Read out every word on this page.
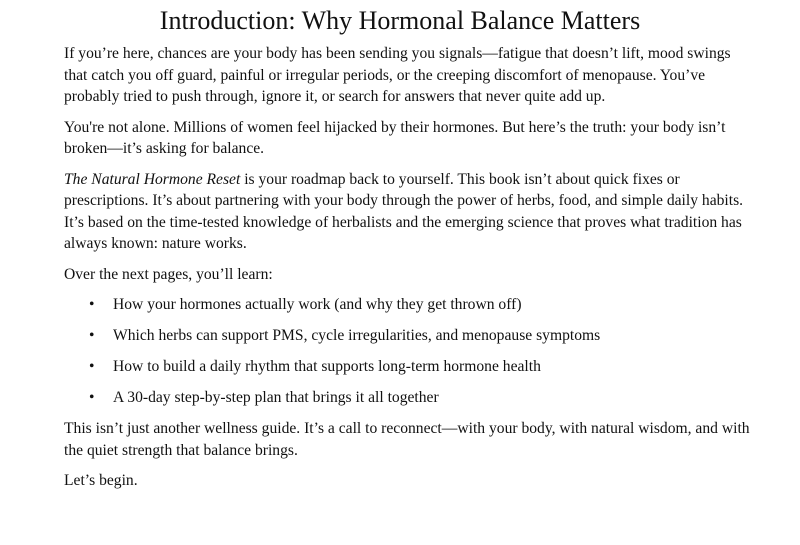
Introduction: Why Hormonal Balance Matters

If you’re here, chances are your body has been sending you signals—fatigue that doesn’t lift, mood swings that catch you off guard, painful or irregular periods, or the creeping discomfort of menopause. You’ve probably tried to push through, ignore it, or search for answers that never quite add up.

You're not alone. Millions of women feel hijacked by their hormones. But here’s the truth: your body isn’t broken—it’s asking for balance.

The Natural Hormone Reset is your roadmap back to yourself. This book isn’t about quick fixes or prescriptions. It’s about partnering with your body through the power of herbs, food, and simple daily habits. It’s based on the time-tested knowledge of herbalists and the emerging science that proves what tradition has always known: nature works.

Over the next pages, you’ll learn:

• How your hormones actually work (and why they get thrown off)
• Which herbs can support PMS, cycle irregularities, and menopause symptoms
• How to build a daily rhythm that supports long-term hormone health
• A 30-day step-by-step plan that brings it all together

This isn’t just another wellness guide. It’s a call to reconnect—with your body, with natural wisdom, and with the quiet strength that balance brings.

Let’s begin.
